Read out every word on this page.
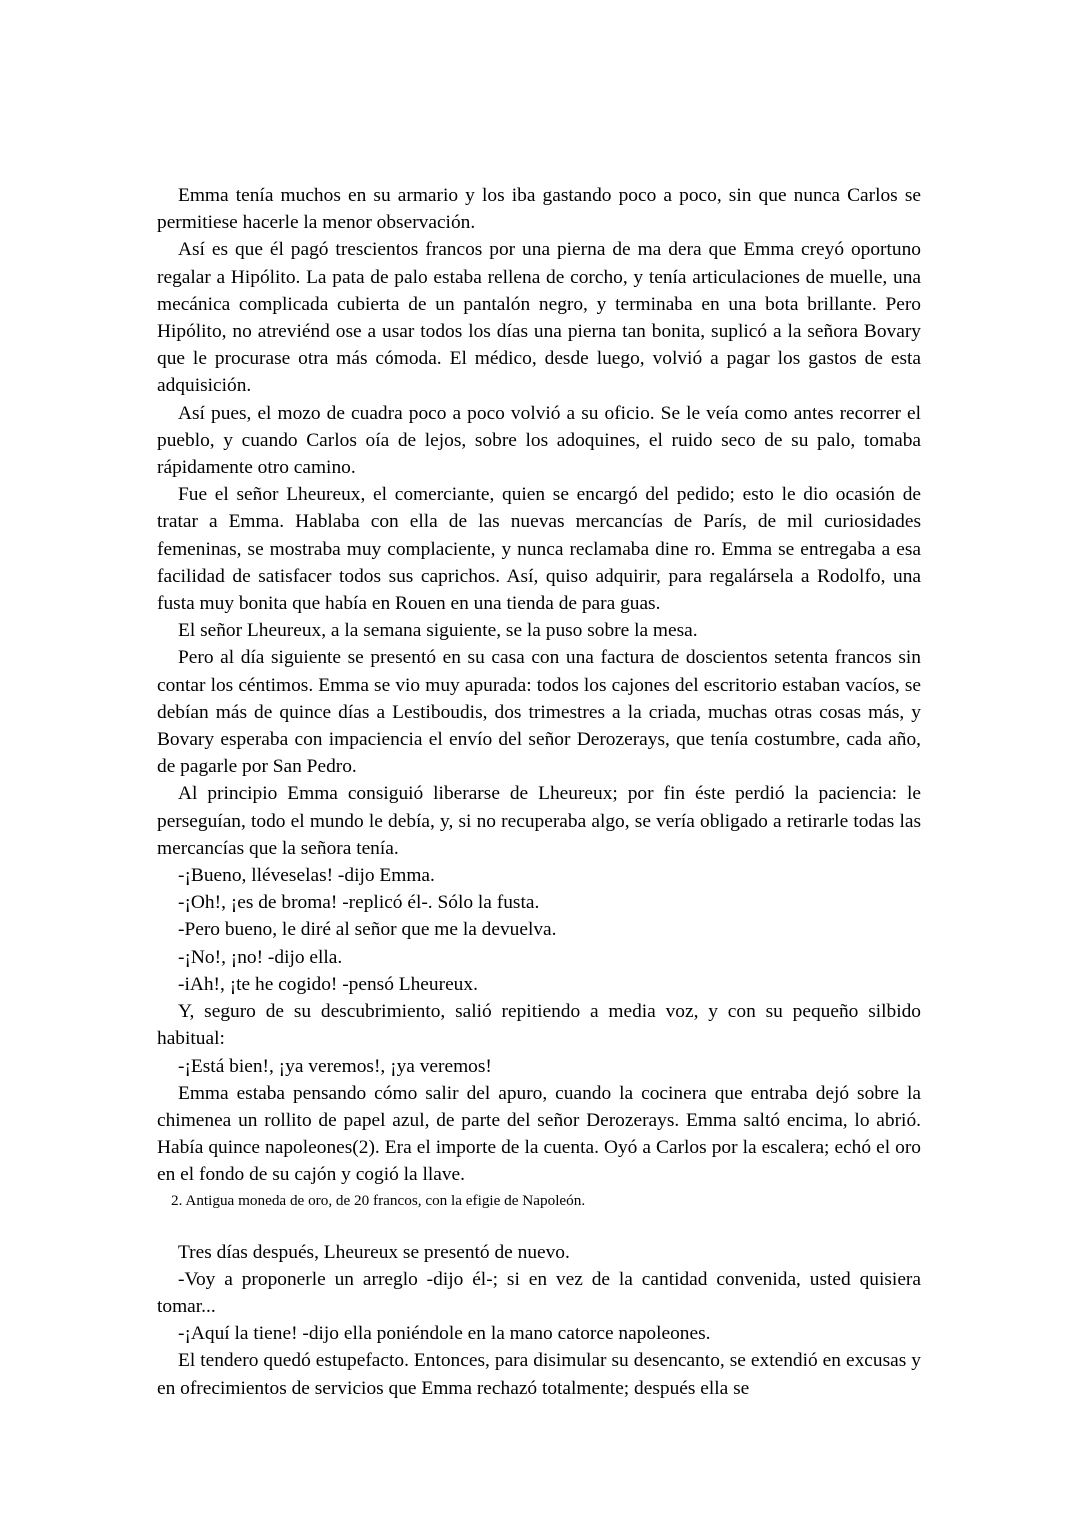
Emma tenía muchos en su armario y los iba gastando poco a poco, sin que nunca Carlos se permitiese hacerle la menor observación.

Así es que él pagó trescientos francos por una pierna de ma dera que Emma creyó oportuno regalar a Hipólito. La pata de palo estaba rellena de corcho, y tenía articulaciones de muelle, una mecánica complicada cubierta de un pantalón negro, y terminaba en una bota brillante. Pero Hipólito, no atreviénd ose a usar todos los días una pierna tan bonita, suplicó a la señora Bovary que le procurase otra más cómoda. El médico, desde luego, volvió a pagar los gastos de esta adquisición.

Así pues, el mozo de cuadra poco a poco volvió a su oficio. Se le veía como antes recorrer el pueblo, y cuando Carlos oía de lejos, sobre los adoquines, el ruido seco de su palo, tomaba rápidamente otro camino.

Fue el señor Lheureux, el comerciante, quien se encargó del pedido; esto le dio ocasión de tratar a Emma. Hablaba con ella de las nuevas mercancías de París, de mil curiosidades femeninas, se mostraba muy complaciente, y nunca reclamaba dine ro. Emma se entregaba a esa facilidad de satisfacer todos sus caprichos. Así, quiso adquirir, para regalársela a Rodolfo, una fusta muy bonita que había en Rouen en una tienda de para guas.

El señor Lheureux, a la semana siguiente, se la puso sobre la mesa.

Pero al día siguiente se presentó en su casa con una factura de doscientos setenta francos sin contar los céntimos. Emma se vio muy apurada: todos los cajones del escritorio estaban vacíos, se debían más de quince días a Lestiboudis, dos trimestres a la criada, muchas otras cosas más, y Bovary esperaba con impaciencia el envío del señor Derozerays, que tenía costumbre, cada año, de pagarle por San Pedro.

Al principio Emma consiguió liberarse de Lheureux; por fin éste perdió la paciencia: le perseguían, todo el mundo le debía, y, si no recuperaba algo, se vería obligado a retirarle todas las mercancías que la señora tenía.

-¡Bueno, lléveselas! -dijo Emma.

-¡Oh!, ¡es de broma! -replicó él-. Sólo la fusta.

-Pero bueno, le diré al señor que me la devuelva.

-¡No!, ¡no! -dijo ella.

-iAh!, ¡te he cogido! -pensó Lheureux.

Y, seguro de su descubrimiento, salió repitiendo a media voz, y con su pequeño silbido habitual:

-¡Está bien!, ¡ya veremos!, ¡ya veremos!

Emma estaba pensando cómo salir del apuro, cuando la cocinera que entraba dejó sobre la chimenea un rollito de papel azul, de parte del señor Derozerays. Emma saltó encima, lo abrió. Había quince napoleones(2). Era el importe de la cuenta. Oyó a Carlos por la escalera; echó el oro en el fondo de su cajón y cogió la llave.

2. Antigua moneda de oro, de 20 francos, con la efigie de Napoleón.

Tres días después, Lheureux se presentó de nuevo.

-Voy a proponerle un arreglo -dijo él-; si en vez de la cantidad convenida, usted quisiera tomar...

-¡Aquí la tiene! -dijo ella poniéndole en la mano catorce napoleones.

El tendero quedó estupefacto. Entonces, para disimular su desencanto, se extendió en excusas y en ofrecimientos de servicios que Emma rechazó totalmente; después ella se
